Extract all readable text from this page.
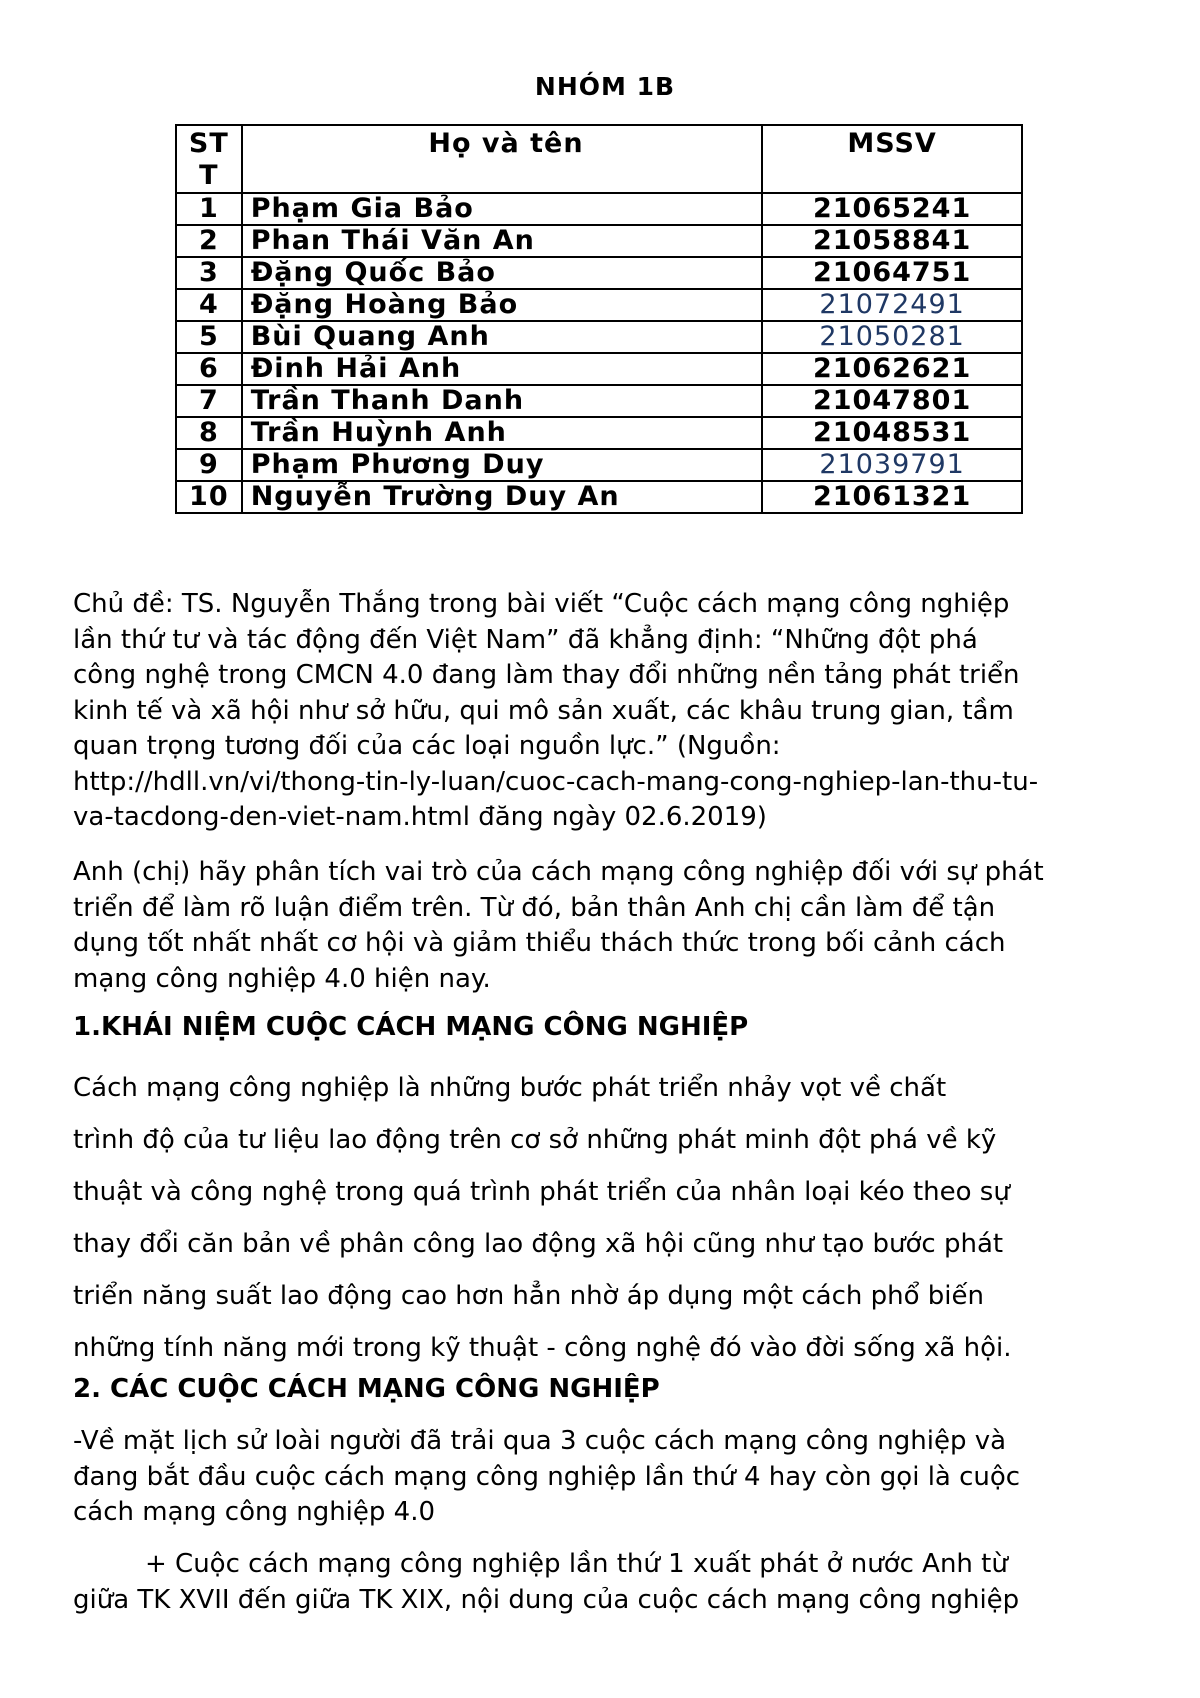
NHÓM 1B
ST
T	Họ và tên	MSSV
1	Phạm Gia Bảo	21065241
2	Phan Thái Văn An	21058841
3	Đặng Quốc Bảo	21064751
4	Đặng Hoàng Bảo	21072491
5	Bùi Quang Anh	21050281
6	Đinh Hải Anh	21062621
7	Trần Thanh Danh	21047801
8	Trần Huỳnh Anh	21048531
9	Phạm Phương Duy	21039791
10	Nguyễn Trường Duy An	21061321

Chủ đề: TS. Nguyễn Thắng trong bài viết “Cuộc cách mạng công nghiệp

lần thứ tư và tác động đến Việt Nam” đã khẳng định: “Những đột phá

công nghệ trong CMCN 4.0 đang làm thay đổi những nền tảng phát triển

kinh tế và xã hội như sở hữu, qui mô sản xuất, các khâu trung gian, tầm

quan trọng tương đối của các loại nguồn lực.” (Nguồn:

http://hdll.vn/vi/thong-tin-ly-luan/cuoc-cach-mang-cong-nghiep-lan-thu-tu-

va-tacdong-den-viet-nam.html đăng ngày 02.6.2019)

Anh (chị) hãy phân tích vai trò của cách mạng công nghiệp đối với sự phát

triển để làm rõ luận điểm trên. Từ đó, bản thân Anh chị cần làm để tận

dụng tốt nhất nhất cơ hội và giảm thiểu thách thức trong bối cảnh cách

mạng công nghiệp 4.0 hiện nay.

1.KHÁI NIỆM CUỘC CÁCH MẠNG CÔNG NGHIỆP

Cách mạng công nghiệp là những bước phát triển nhảy vọt về chất

trình độ của tư liệu lao động trên cơ sở những phát minh đột phá về kỹ

thuật và công nghệ trong quá trình phát triển của nhân loại kéo theo sự

thay đổi căn bản về phân công lao động xã hội cũng như tạo bước phát

triển năng suất lao động cao hơn hẳn nhờ áp dụng một cách phổ biến

những tính năng mới trong kỹ thuật - công nghệ đó vào đời sống xã hội.

2. CÁC CUỘC CÁCH MẠNG CÔNG NGHIỆP

-Về mặt lịch sử loài người đã trải qua 3 cuộc cách mạng công nghiệp và

đang bắt đầu cuộc cách mạng công nghiệp lần thứ 4 hay còn gọi là cuộc

cách mạng công nghiệp 4.0

+ Cuộc cách mạng công nghiệp lần thứ 1 xuất phát ở nước Anh từ

giữa TK XVII đến giữa TK XIX, nội dung của cuộc cách mạng công nghiệp
